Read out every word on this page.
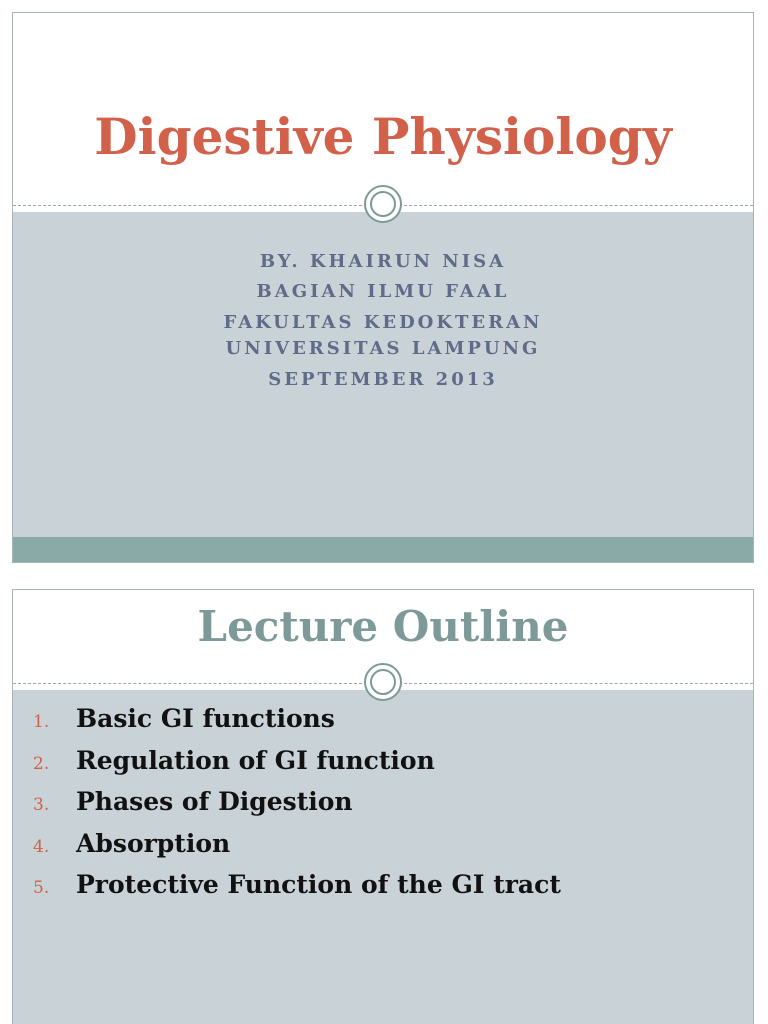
Digestive Physiology

BY. KHAIRUN NISA

BAGIAN ILMU FAAL

FAKULTAS KEDOKTERAN

UNIVERSITAS LAMPUNG

SEPTEMBER 2013

Lecture Outline
1. Basic GI functions
2. Regulation of GI function
3. Phases of Digestion
4. Absorption
5. Protective Function of the GI tract
